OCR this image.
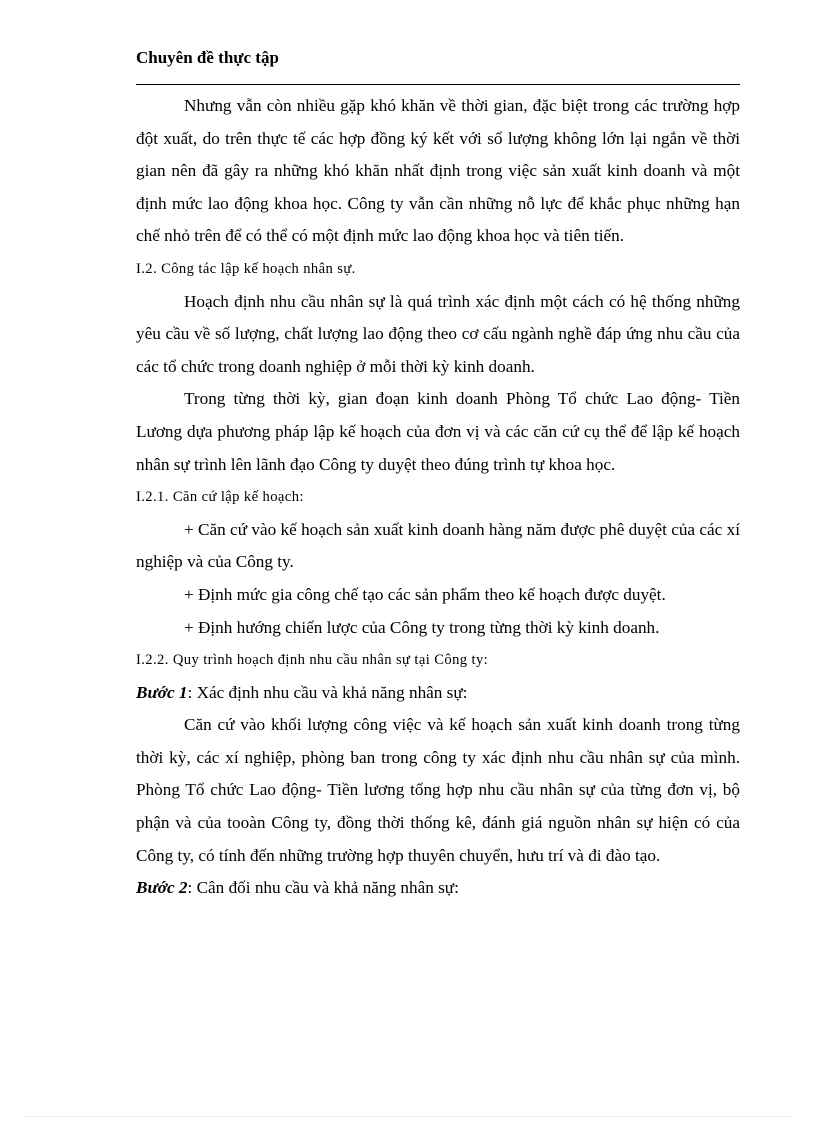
Chuyên đề thực tập

Nhưng vẫn còn nhiều gặp khó khăn về thời gian, đặc biệt trong các trường hợp đột xuất, do trên thực tế các hợp đồng ký kết với số lượng không lớn lại ngắn về thời gian nên đã gây ra những khó khăn nhất định trong việc sản xuất kinh doanh và một định mức lao động khoa học. Công ty vẫn cần những nỗ lực để khắc phục những hạn chế nhỏ trên để có thể có một định mức lao động khoa học và tiên tiến.

I.2. Công tác lập kế hoạch nhân sự.

Hoạch định nhu cầu nhân sự là quá trình xác định một cách có hệ thống những yêu cầu về số lượng, chất lượng lao động theo cơ cấu ngành nghề đáp ứng nhu cầu của các tổ chức trong doanh nghiệp ở mỗi thời kỳ kinh doanh.

Trong từng thời kỳ, gian đoạn kinh doanh Phòng Tổ chức Lao động- Tiền Lương dựa phương pháp lập kế hoạch của đơn vị và các căn cứ cụ thể để lập kế hoạch nhân sự trình lên lãnh đạo Công ty duyệt theo đúng trình tự khoa học.

I.2.1. Căn cứ lập kế hoạch:

+ Căn cứ vào kế hoạch sản xuất kinh doanh hàng năm được phê duyệt của các xí nghiệp và của Công ty.

+ Định mức gia công chế tạo các sản phẩm theo kế hoạch được duyệt.

+ Định hướng chiến lược của Công ty trong từng thời kỳ kinh doanh.

I.2.2. Quy trình hoạch định nhu cầu nhân sự tại Công ty:

Bước 1: Xác định nhu cầu và khả năng nhân sự:

Căn cứ vào khối lượng công việc và kế hoạch sản xuất kinh doanh trong từng thời kỳ, các xí nghiệp, phòng ban trong công ty xác định nhu cầu nhân sự của mình. Phòng Tổ chức Lao động- Tiền lương tổng hợp nhu cầu nhân sự của từng đơn vị, bộ phận và của tooàn Công ty, đồng thời thống kê, đánh giá nguồn nhân sự hiện có của Công ty, có tính đến những trường hợp thuyên chuyển, hưu trí và đi đào tạo.

Bước 2: Cân đối nhu cầu và khả năng nhân sự:
